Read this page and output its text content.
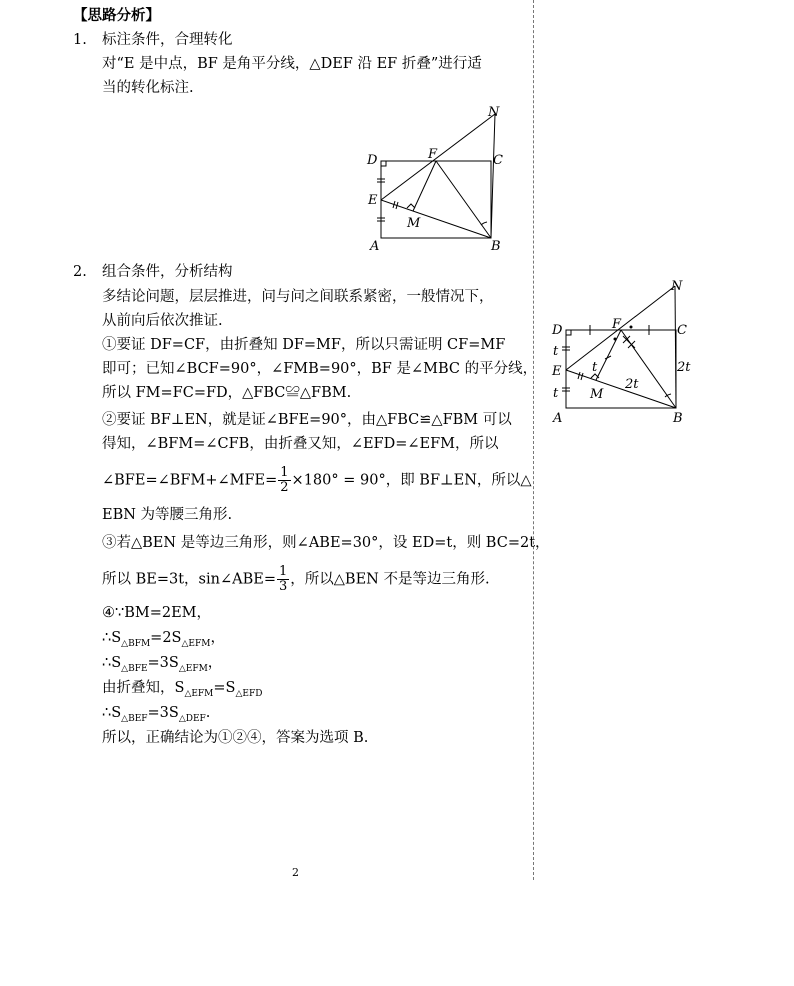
【思路分析】
1. 标注条件，合理转化
对“E 是中点，BF 是角平分线，△DEF 沿 EF 折叠”进行适
当的转化标注.
N
D	F	C
E
M
A	B
2. 组合条件，分析结构
多结论问题，层层推进，问与问之间联系紧密，一般情况下，
从前向后依次推证.
①要证 DF=CF，由折叠知 DF=MF，所以只需证明 CF=MF
即可；已知∠BCF=90°，∠FMB=90°，BF 是∠MBC 的平分线，
所以 FM=FC=FD，△FBC≌△FBM.
②要证 BF⊥EN，就是证∠BFE=90°，由△FBC≌△FBM 可以
得知，∠BFM=∠CFB，由折叠又知，∠EFD=∠EFM，所以
∠BFE=∠BFM+∠MFE= $\frac{1}{2} \times 180^\circ = 90^\circ$，即 BF⊥EN，所以△
EBN 为等腰三角形.
③若△BEN 是等边三角形，则∠ABE=30°，设 ED=t，则 BC=2t，
所以 BE=3t，sin∠ABE= $\frac{1}{3}$ ，所以△BEN 不是等边三角形.
④∵BM=2EM，
$\therefore S_{\triangle BFM}=2S_{\triangle EFM}$，
$\therefore S_{\triangle BFE}=3S_{\triangle EFM}$，
由折叠知，$S_{\triangle EFM}=S_{\triangle EFD}$
$\therefore S_{\triangle BEF}=3S_{\triangle DEF}$.
所以，正确结论为①②④，答案为选项 B.
N
D	F	C
E
M
A	B
t
t
t	2t
2t
2
